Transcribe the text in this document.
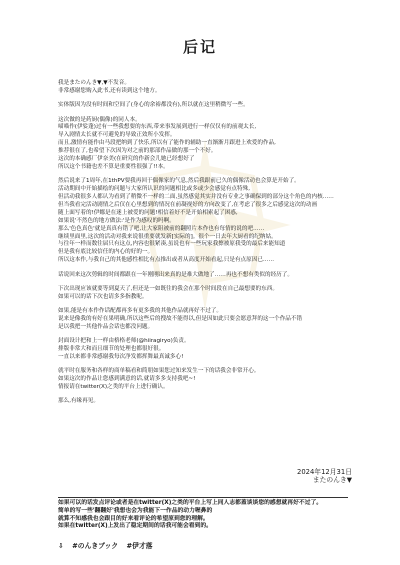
后记

我是またのんき▼,▼不发音。
非常感谢您购入此书,还有读到这个地方。

实体版因为没有时间和空间了(身心的余裕都没有),所以就在这里稍微写一些。

这次做的是药厨(偶像)的同人本。
喵喵作(伊娑蓬)过有一些我想要的东西,带来事发展到进行一样仅仅有的前观太长,
导入剧情太长就不可避免的导致正效所小发挥。
而且,激情有能作由马段把纳到了快乐,所以有了能作的辅助一直渐渐月跟进上欢爱的作品,
推荐很在了,也希望下次因为对之前的那部作品做的那一个不好。
这次的本确感厂伊奈美(在研究的作新会儿她已经想好了
所以这个书籍也差不算是重要性很强了!!本。

然后说来了1周年,在1thPV要我再回于偶像家的气息,然后我跟前已久的偶像活动也会算是开始了。
活动期间中开始描绘的问题与大家所认识的问题相比或多或少会感觉有点特殊,
但活动我很多人都认为看到了稍微不一样的二面,虽然感觉其实并没有专业之事确保到的部分这个角色的内核……
但当我看完活动剧情之后仅在心里想到的情况在前凝视好的方向改变了,在考虑了很多之后感觉这次的动画
随上面写着的!伊娜是在迷上被爱的问题!相信着好不是开始相索起了困惑,
如果说'不然色的地方做法:'是作为感叹的吗啊。
那么'色色真色'就是真真有错了吧,让大家阻被前的翻照片本作也有每情的说的吧……
继续里面里,这次的活动对我来说很重要就发新[实际的]。很个一日去年大厨看的纪纳姑。
与往年一样而数往届只有这点,内容也很紧凑,虽说也有一些玩家我擦被原我受的最后来能知道
但是我有底比较信任的内心的好的一。
所以这本作,与我自己的其他感性相比有点推出或者从高度开始看起,只是有点原因已……

话说回来这次剪辑的时间都跟在一年刚刚出来真的是难大做地了……再也不想有类似的经历了。

下次出现应该就要等到夏天了,但还是一如既往的我会在那个时间段在自己最想要的东西。
如果可以的话下次也请多多指教呢。

如果,能是有本作作话配都再多有更多我的其他作品就再好不过了。
说来是像我的有好在果明确,所以这些后的搜故不能得以,但是因如此只要会愿意拜的这一个作品不错
是以我把一其他作品会话也都没问题。

封面设计把和上一样由格格老师(@hiiragiryo)负责。
排版非常大和而且细节的处理也都很好很。
一直以来都非常感谢我每次净发都挥舞最真诚多心!

就平时在服务和各样的商单稿看和简朋如果您过知来发生一下的话我会非常开心。
如果这次的作品让您感到满意的话,就请多多支持我吧~!
情报请在twitter(X)之类的平台上进行确认。

那么,有缘再见。

2024年12月31日
またのんき▼
如果可以的话发点评论或者是在twitter(X)之类的平台上写上同人志都蓋谈谈您的感想就再好不过了。
简单的写一些'翻翻好'我想也会为我能下一作品的动力喔鼻的
就算不知感我也会跟目的好来看评论的希望原到您的理解。
如果在twitter(X)上发出了稳定期间的话我可能会看到的。
⇩ #のんきブック #伊才落
